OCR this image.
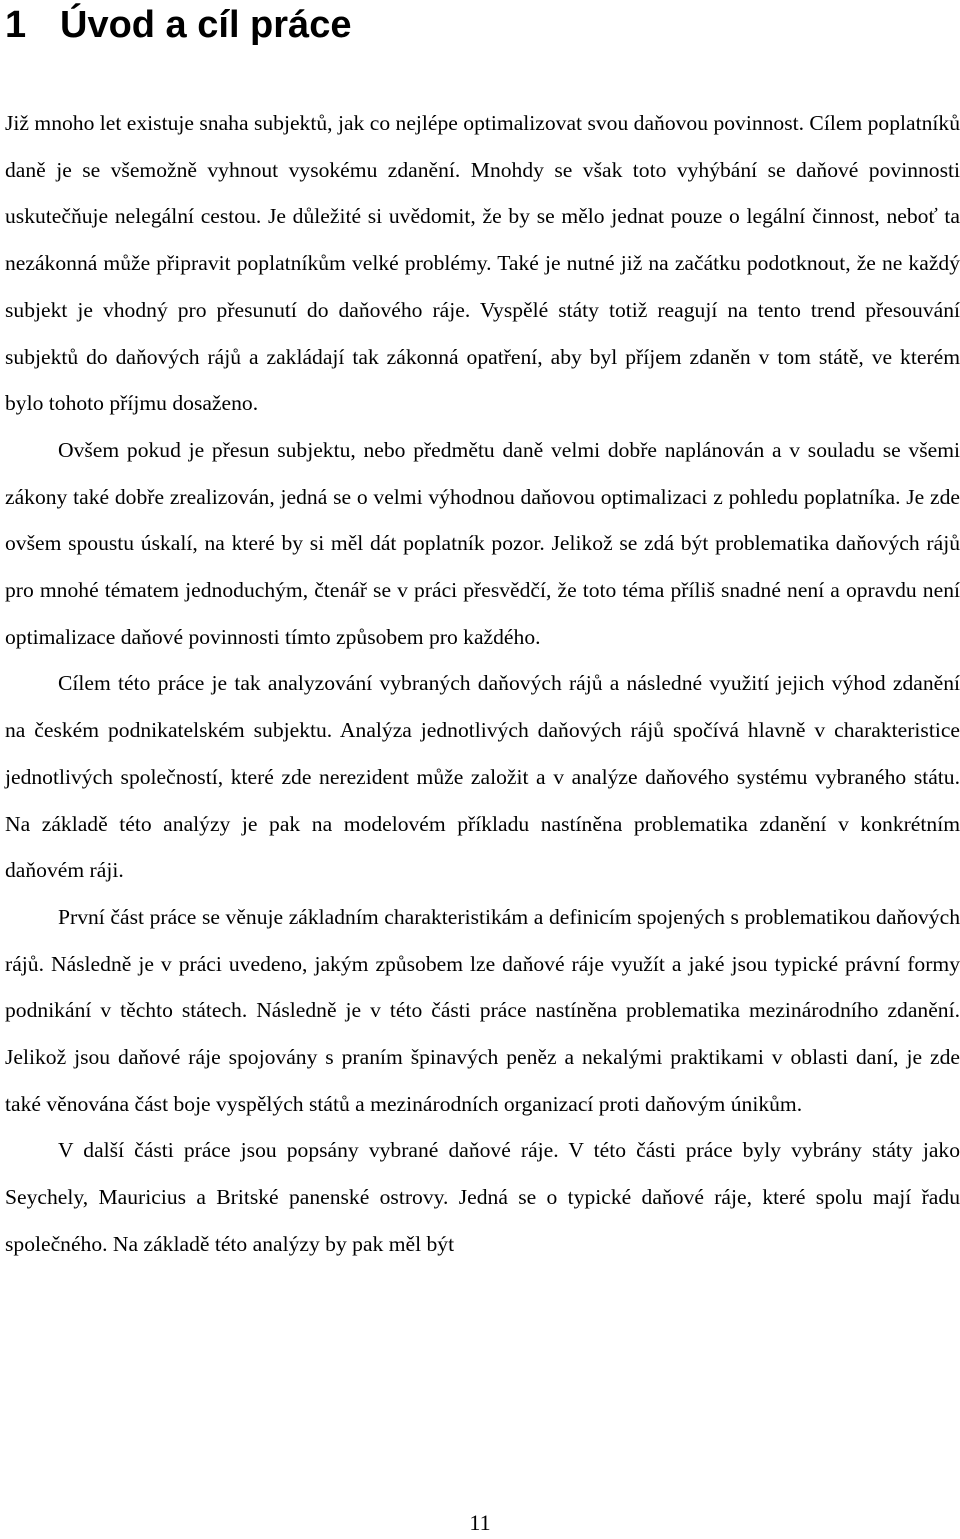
1 Úvod a cíl práce

Již mnoho let existuje snaha subjektů, jak co nejlépe optimalizovat svou daňovou povinnost. Cílem poplatníků daně je se všemožně vyhnout vysokému zdanění. Mnohdy se však toto vyhýbání se daňové povinnosti uskutečňuje nelegální cestou. Je důležité si uvědomit, že by se mělo jednat pouze o legální činnost, neboť ta nezákonná může připravit poplatníkům velké problémy. Také je nutné již na začátku podotknout, že ne každý subjekt je vhodný pro přesunutí do daňového ráje. Vyspělé státy totiž reagují na tento trend přesouvání subjektů do daňových rájů a zakládají tak zákonná opatření, aby byl příjem zdaněn v tom státě, ve kterém bylo tohoto příjmu dosaženo.

Ovšem pokud je přesun subjektu, nebo předmětu daně velmi dobře naplánován a v souladu se všemi zákony také dobře zrealizován, jedná se o velmi výhodnou daňovou optimalizaci z pohledu poplatníka. Je zde ovšem spoustu úskalí, na které by si měl dát poplatník pozor. Jelikož se zdá být problematika daňových rájů pro mnohé tématem jednoduchým, čtenář se v práci přesvědčí, že toto téma příliš snadné není a opravdu není optimalizace daňové povinnosti tímto způsobem pro každého.

Cílem této práce je tak analyzování vybraných daňových rájů a následné využití jejich výhod zdanění na českém podnikatelském subjektu. Analýza jednotlivých daňových rájů spočívá hlavně v charakteristice jednotlivých společností, které zde nerezident může založit a v analýze daňového systému vybraného státu. Na základě této analýzy je pak na modelovém příkladu nastíněna problematika zdanění v konkrétním daňovém ráji.

První část práce se věnuje základním charakteristikám a definicím spojených s problematikou daňových rájů. Následně je v práci uvedeno, jakým způsobem lze daňové ráje využít a jaké jsou typické právní formy podnikání v těchto státech. Následně je v této části práce nastíněna problematika mezinárodního zdanění. Jelikož jsou daňové ráje spojovány s praním špinavých peněz a nekalými praktikami v oblasti daní, je zde také věnována část boje vyspělých států a mezinárodních organizací proti daňovým únikům.

V další části práce jsou popsány vybrané daňové ráje. V této části práce byly vybrány státy jako Seychely, Mauricius a Britské panenské ostrovy. Jedná se o typické daňové ráje, které spolu mají řadu společného. Na základě této analýzy by pak měl být

11
